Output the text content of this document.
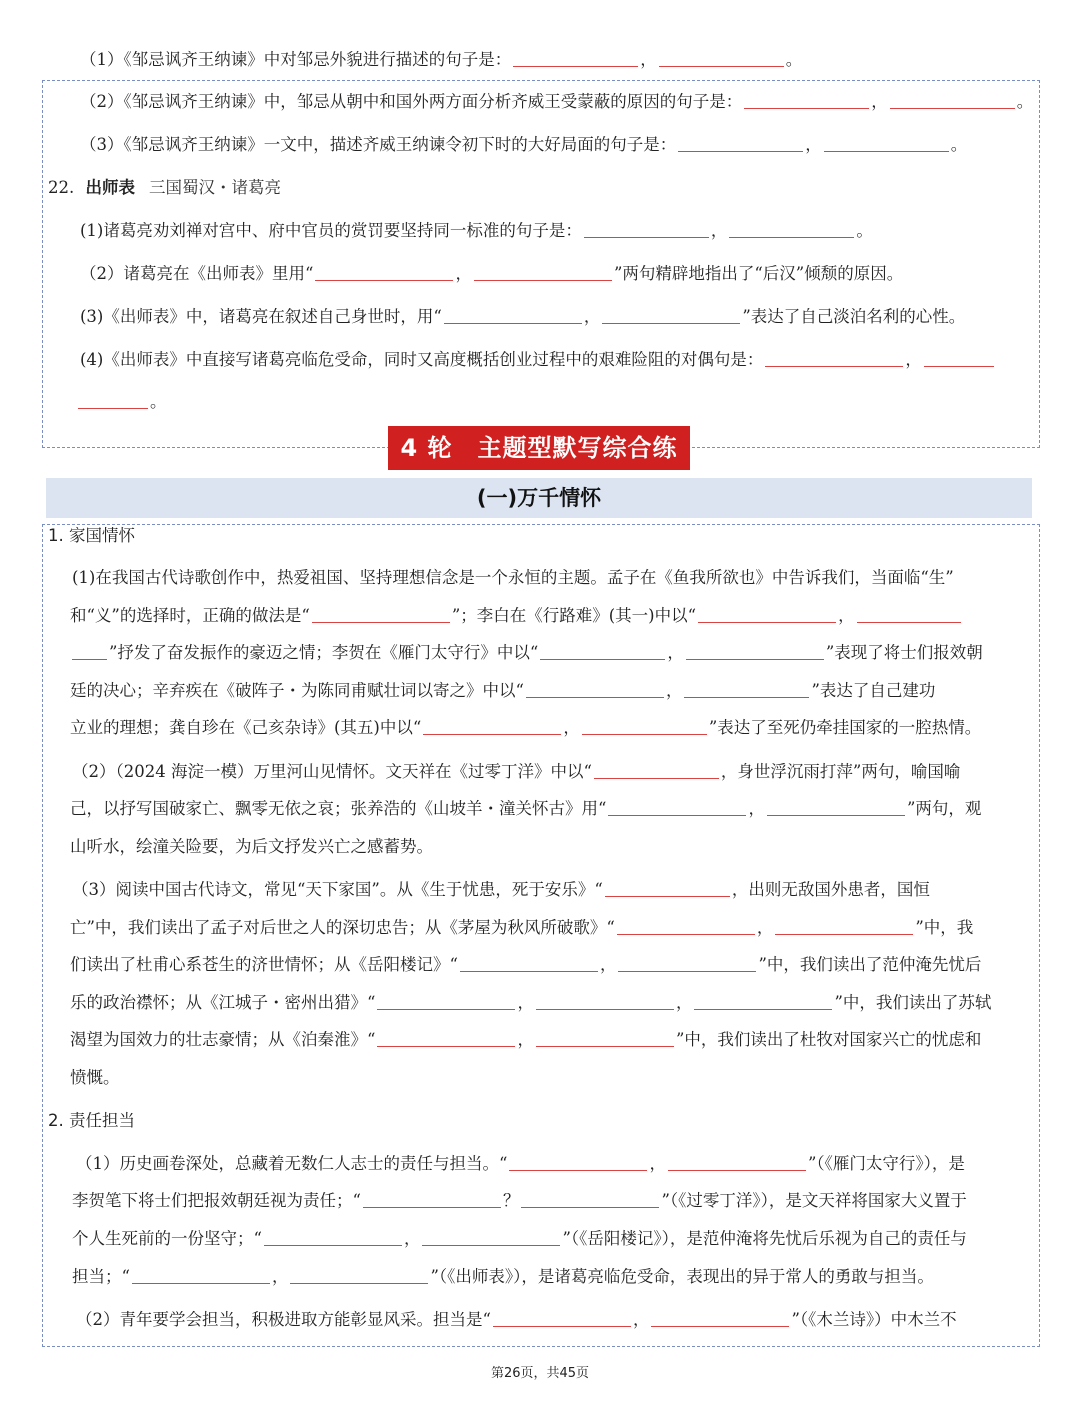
（1）《邹忌讽齐王纳谏》中对邹忌外貌进行描述的句子是：	，	。
（2）《邹忌讽齐王纳谏》中，邹忌从朝中和国外两方面分析齐威王受蒙蔽的原因的句子是：	，	。
（3）《邹忌讽齐王纳谏》一文中，描述齐威王纳谏令初下时的大好局面的句子是：	，	。
22. 出师表 三国蜀汉・诸葛亮
(1)诸葛亮劝刘禅对宫中、府中官员的赏罚要坚持同一标准的句子是：	，	。
（2）诸葛亮在《出师表》里用“	，	”两句精辟地指出了“后汉”倾颓的原因。
(3)《出师表》中，诸葛亮在叙述自己身世时，用“	，	”表达了自己淡泊名利的心性。
(4)《出师表》中直接写诸葛亮临危受命，同时又高度概括创业过程中的艰难险阻的对偶句是：	，
。
4 轮　主题型默写综合练
(一)万千情怀
1. 家国情怀
(1)在我国古代诗歌创作中，热爱祖国、坚持理想信念是一个永恒的主题。孟子在《鱼我所欲也》中告诉我们，当面临“生”
和“义”的选择时，正确的做法是“	”；李白在《行路难》(其一)中以“	，
”抒发了奋发振作的豪迈之情；李贺在《雁门太守行》中以“	，	”表现了将士们报效朝
廷的决心；辛弃疾在《破阵子・为陈同甫赋壮词以寄之》中以“	，	”表达了自己建功
立业的理想；龚自珍在《己亥杂诗》(其五)中以“	，	”表达了至死仍牵挂国家的一腔热情。
（2）（2024 海淀一模）万里河山见情怀。文天祥在《过零丁洋》中以“	，身世浮沉雨打萍”两句，喻国喻
己，以抒写国破家亡、飘零无依之哀；张养浩的《山坡羊・潼关怀古》用“	，	”两句，观
山听水，绘潼关险要，为后文抒发兴亡之感蓄势。
（3）阅读中国古代诗文，常见“天下家国”。从《生于忧患，死于安乐》“	，出则无敌国外患者，国恒
亡”中，我们读出了孟子对后世之人的深切忠告；从《茅屋为秋风所破歌》“	，	”中，我
们读出了杜甫心系苍生的济世情怀；从《岳阳楼记》“	，	”中，我们读出了范仲淹先忧后
乐的政治襟怀；从《江城子・密州出猎》“	，	，	”中，我们读出了苏轼
渴望为国效力的壮志豪情；从《泊秦淮》“	，	”中，我们读出了杜牧对国家兴亡的忧虑和
愤慨。
2. 责任担当
（1）历史画卷深处，总藏着无数仁人志士的责任与担当。“	，	”（《雁门太守行》），是
李贺笔下将士们把报效朝廷视为责任；“	？	”（《过零丁洋》），是文天祥将国家大义置于
个人生死前的一份坚守；“	，	”（《岳阳楼记》），是范仲淹将先忧后乐视为自己的责任与
担当；“	，	”（《出师表》），是诸葛亮临危受命，表现出的异于常人的勇敢与担当。
（2）青年要学会担当，积极进取方能彰显风采。担当是“	，	”（《木兰诗》）中木兰不
第26页，共45页
